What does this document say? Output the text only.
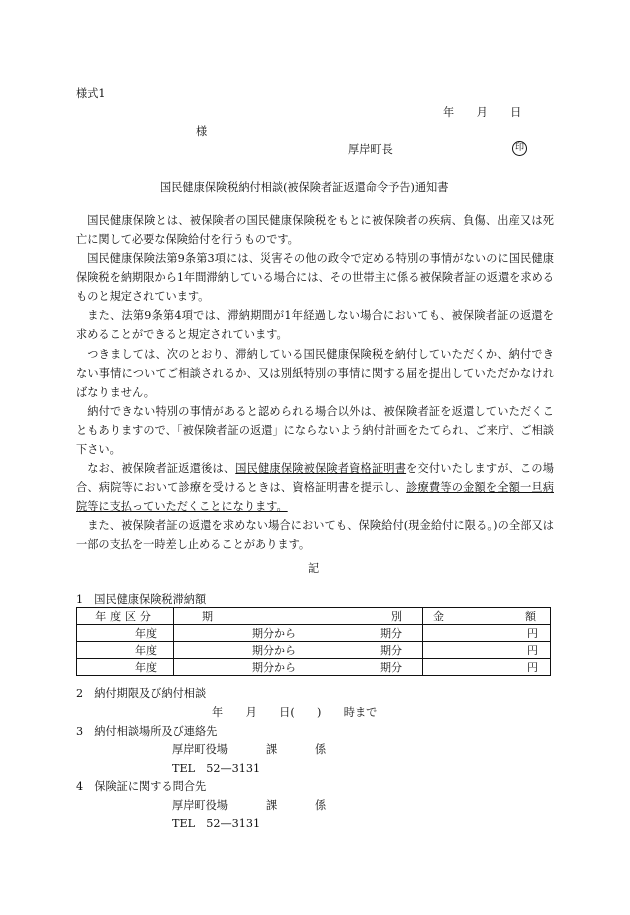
様式1
年　　月　　日
様
厚岸町長	印
国民健康保険税納付相談(被保険者証返還命令予告)通知書
国民健康保険とは、被保険者の国民健康保険税をもとに被保険者の疾病、負傷、出産又は死亡に関して必要な保険給付を行うものです。
国民健康保険法第9条第3項には、災害その他の政令で定める特別の事情がないのに国民健康保険税を納期限から1年間滞納している場合には、その世帯主に係る被保険者証の返還を求めるものと規定されています。
また、法第9条第4項では、滞納期間が1年経過しない場合においても、被保険者証の返還を求めることができると規定されています。
つきましては、次のとおり、滞納している国民健康保険税を納付していただくか、納付できない事情についてご相談されるか、又は別紙特別の事情に関する届を提出していただかなければなりません。
納付できない特別の事情があると認められる場合以外は、被保険者証を返還していただくこともありますので、「被保険者証の返還」にならないよう納付計画をたてられ、ご来庁、ご相談下さい。
なお、被保険者証返還後は、国民健康保険被保険者資格証明書を交付いたしますが、この場合、病院等において診療を受けるときは、資格証明書を提示し、診療費等の金額を全額一旦病院等に支払っていただくことになります。
また、被保険者証の返還を求めない場合においても、保険給付(現金給付に限る。)の全部又は一部の支払を一時差し止めることがあります。
記
1　国民健康保険税滞納額
年度区分	期 別	金 額

年度	期分から 期分	円
年度	期分から 期分	円
年度	期分から 期分	円
2　納付期限及び納付相談
年　　月　　日(　　)　　時まで
3　納付相談場所及び連絡先
厚岸町役場	課	係
TEL　52—3131
4　保険証に関する問合先
厚岸町役場	課	係
TEL　52—3131
